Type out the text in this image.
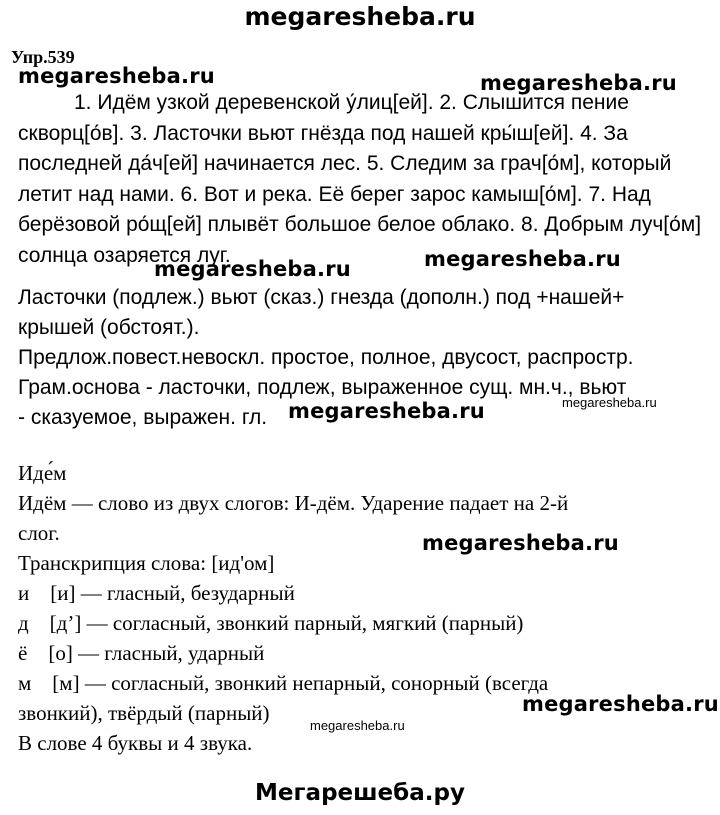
megaresheba.ru
Упр.539
megaresheba.ru	megaresheba.ru
megaresheba.ru	megaresheba.ru
megaresheba.ru	megaresheba.ru
megaresheba.ru
megaresheba.ru
megaresheba.ru
1. Идём узкой деревенской у́лиц[ей]. 2. Слышится пение
скворц[о́в]. 3. Ласточки вьют гнёзда под нашей кры́ш[ей]. 4. За
последней да́ч[ей] начинается лес. 5. Следим за грач[о́м], который
летит над нами. 6. Вот и река. Её берег зарос камыш[о́м]. 7. Над
берёзовой ро́щ[ей] плывёт большое белое облако. 8. Добрым луч[о́м]
солнца озаряется луг.
Ласточки (подлеж.) вьют (сказ.) гнезда (дополн.) под +нашей+
крышей (обстоят.).
Предлож.повест.невоскл. простое, полное, двусост, распростр.
Грам.основа - ласточки, подлеж, выраженное сущ. мн.ч., вьют
- сказуемое, выражен. гл.
Иде́м
Идём — слово из двух слогов: И-дём. Ударение падает на 2-й
слог.
Транскрипция слова: [ид'ом]
и    [и] — гласный, безударный
д    [д’] — согласный, звонкий парный, мягкий (парный)
ё    [о] — гласный, ударный
м    [м] — согласный, звонкий непарный, сонорный (всегда
звонкий), твёрдый (парный)
В слове 4 буквы и 4 звука.
Мегарешеба.ру
